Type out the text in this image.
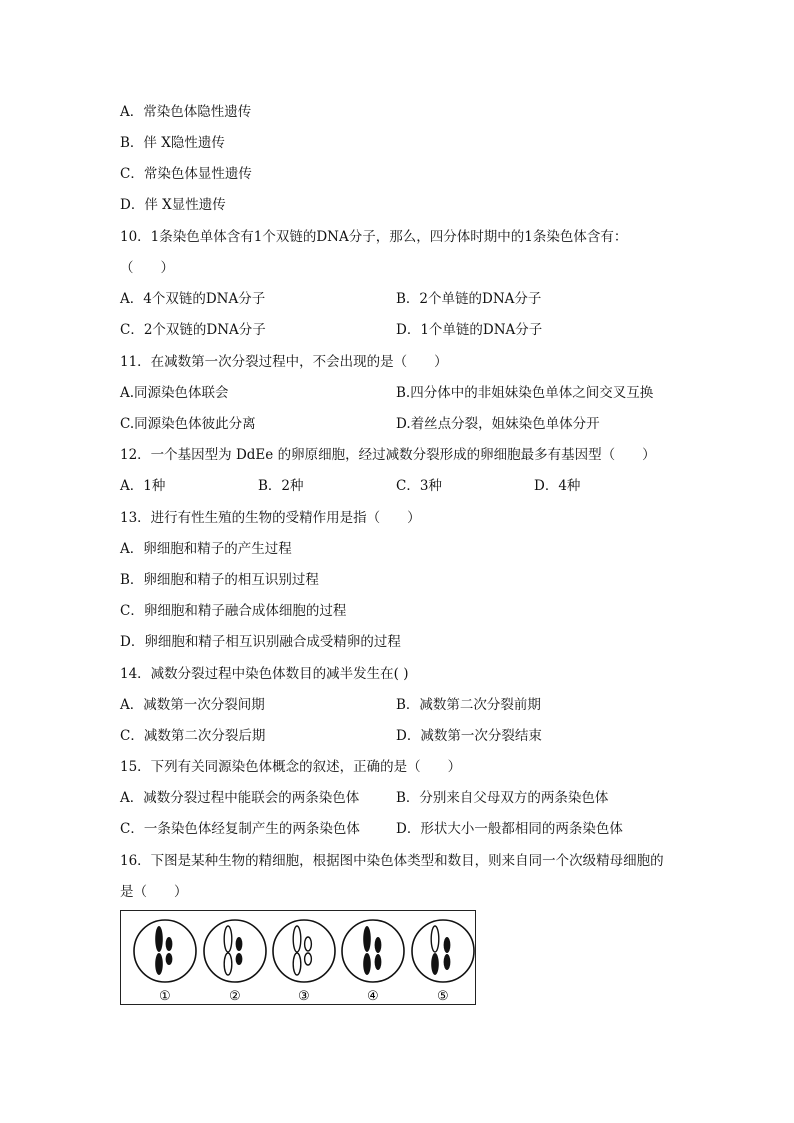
A．常染色体隐性遗传
B．伴 X隐性遗传
C．常染色体显性遗传
D．伴 X显性遗传
10．1条染色单体含有1个双链的DNA分子，那么，四分体时期中的1条染色体含有：
（　　）
A．4个双链的DNA分子	B．2个单链的DNA分子
C．2个双链的DNA分子	D．1个单链的DNA分子
11．在减数第一次分裂过程中，不会出现的是（　　）
A.同源染色体联会	B.四分体中的非姐妹染色单体之间交叉互换
C.同源染色体彼此分离	D.着丝点分裂，姐妹染色单体分开
12．一个基因型为 DdEe 的卵原细胞，经过减数分裂形成的卵细胞最多有基因型（　　）
A．1种	B．2种	C．3种	D．4种
13．进行有性生殖的生物的受精作用是指（　　）
A．卵细胞和精子的产生过程
B．卵细胞和精子的相互识别过程
C．卵细胞和精子融合成体细胞的过程
D．卵细胞和精子相互识别融合成受精卵的过程
14．减数分裂过程中染色体数目的减半发生在( )
A．减数第一次分裂间期	B．减数第二次分裂前期
C．减数第二次分裂后期	D．减数第一次分裂结束
15．下列有关同源染色体概念的叙述，正确的是（　　）
A．减数分裂过程中能联会的两条染色体	B．分别来自父母双方的两条染色体
C．一条染色体经复制产生的两条染色体	D．形状大小一般都相同的两条染色体
16．下图是某种生物的精细胞，根据图中染色体类型和数目，则来自同一个次级精母细胞的
是（　　）
①	②	③	④	⑤
